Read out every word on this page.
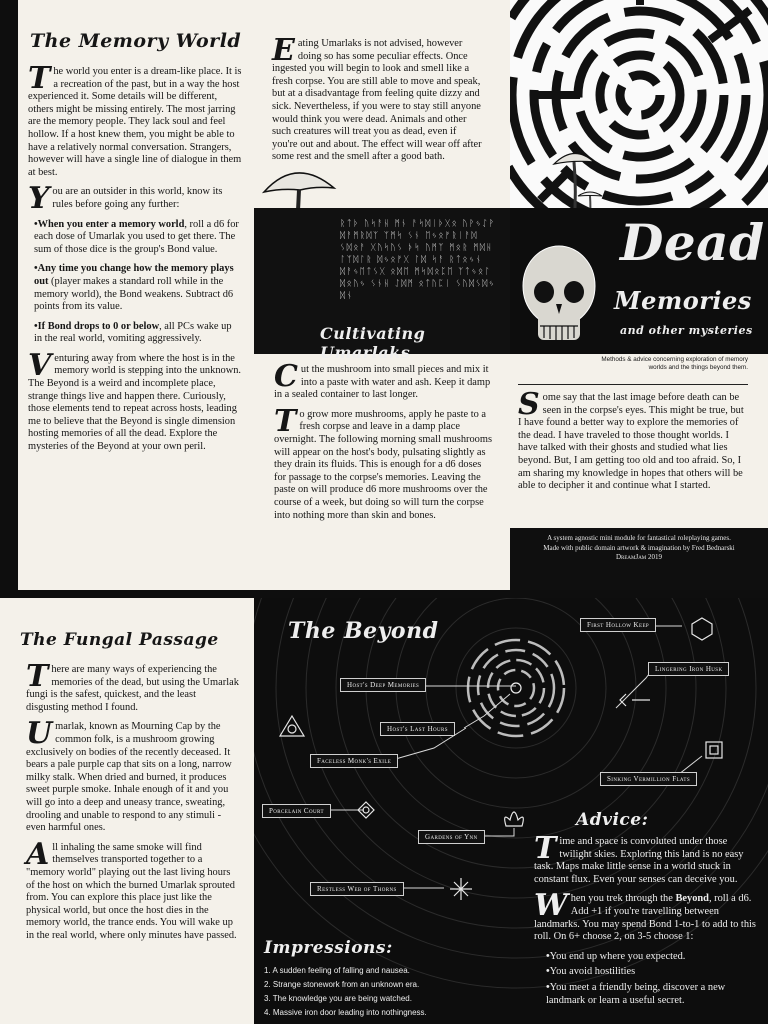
The Memory World

The world you enter is a dream-like place. It is a recreation of the past, but in a way the host experienced it. Some details will be different, others might be missing entirely. The most jarring are the memory people. They lack soul and feel hollow. If a host knew them, you might be able to have a relatively normal conversation. Strangers, however will have a single line of dialogue in them at best.

You are an outsider in this world, know its rules before going any further:

• When you enter a memory world, roll a d6 for each dose of Umarlak you used to get there. The sum of those dice is the group's Bond value.
• Any time you change how the memory plays out (player makes a standard roll while in the memory world), the Bond weakens. Subtract d6 points from its value.
• If Bond drops to 0 or below, all PCs wake up in the real world, vomiting aggressively.

Venturing away from where the host is in the memory world is stepping into the unknown. The Beyond is a weird and incomplete place, strange things live and happen there. Curiously, those elements tend to repeat across hosts, leading me to believe that the Beyond is single dimension hosting memories of all the dead. Explore the mysteries of the Beyond at your own peril.

Eating Umarlaks is not advised, however doing so has some peculiar effects. Once ingested you will begin to look and smell like a fresh corpse. You are still able to move and speak, but at a disadvantage from feeling quite dizzy and sick. Nevertheless, if you were to stay still anyone would think you were dead. Animals and other such creatures will treat you as dead, even if you're out and about. The effect will wear off after some rest and the smell after a good bath.

ᚱᛏᚦ ᚢᛋᚨᚺ ᛗᚾ ᚨᛋᛞᛁᚦᚷᛟ ᚢᚹᛃᛇᚹ ᛞᚨᛗᚱᛞᛉ ᛉᛗᛋ ᛊᚾ ᛖᛃᛟᚠᚱᛁᚨᛞ ᛊᛞᛟᚨ ᚷᚢᛋᚢᛊ ᚦᛋ ᚢᛗᛉ ᛗᛟᚱ ᛗᛞᚺ ᛚᛉᛞᛚᚱ ᛞᛃᛟᚠᚷ ᛚᛞ ᛋᚨ ᚱᛏᛟᛃᚾ ᛞᚨᛃᛖᛏᛊᚷ ᛟᛞᛖ ᛗᛋᛞᛟᛈᛖ ᛉᛏᛃᛟᛚ ᛞᛟᚢᛃ ᛊᚾᚺ ᛇᛞᛗ ᛟᛏᚢᛈᛁ ᛊᚢᛞᛊᛞᛃ ᛞᚾ
Cultivating Umarlaks

Cut the mushroom into small pieces and mix it into a paste with water and ash. Keep it damp in a sealed container to last longer.

To grow more mushrooms, apply he paste to a fresh corpse and leave in a damp place overnight. The following morning small mushrooms will appear on the host's body, pulsating slightly as they drain its fluids. This is enough for a d6 doses for passage to the corpse's memories. Leaving the paste on will produce d6 more mushrooms over the course of a week, but doing so will turn the corpse into nothing more than skin and bones.

Dead
Memories
and other mysteries
Methods & advice concerning exploration of memory worlds and the things beyond them.

Some say that the last image before death can be seen in the corpse's eyes. This might be true, but I have found a better way to explore the memories of the dead. I have traveled to those thought worlds. I have talked with their ghosts and studied what lies beyond. But, I am getting too old and too afraid. So, I am sharing my knowledge in hopes that others will be able to decipher it and continue what I started.

A system agnostic mini module for fantastical roleplaying games.
Made with public domain artwork & imagination by Fred Bednarski
DreamJam 2019
The Fungal Passage

There are many ways of experiencing the memories of the dead, but using the Umarlak fungi is the safest, quickest, and the least disgusting method I found.

Umarlak, known as Mourning Cap by the common folk, is a mushroom growing exclusively on bodies of the recently deceased. It bears a pale purple cap that sits on a long, narrow milky stalk. When dried and burned, it produces sweet purple smoke. Inhale enough of it and you will go into a deep and uneasy trance, sweating, drooling and unable to respond to any stimuli - even harmful ones.

All inhaling the same smoke will find themselves transported together to a "memory world" playing out the last living hours of the host on which the burned Umarlak sprouted from. You can explore this place just like the physical world, but once the host dies in the memory world, the trance ends. You will wake up in the real world, where only minutes have passed.

The Beyond	First Hollow Keep
Lingering Iron Husk
Host's Deep Memories
Host's Last Hours
Faceless Monk's Exile
Sinking Vermillion Flats
Porcelain Court
Gardens of Ynn
Restless Web of Thorns
Impressions:
1. A sudden feeling of falling and nausea.
2. Strange stonework from an unknown era.
3. The knowledge you are being watched.
4. Massive iron door leading into nothingness.
Advice:

Time and space is convoluted under those twilight skies. Exploring this land is no easy task. Maps make little sense in a world stuck in constant flux. Even your senses can deceive you.

When you trek through the Beyond, roll a d6. Add +1 if you're travelling between landmarks. You may spend Bond 1-to-1 to add to this roll. On 6+ choose 2, on 3-5 choose 1:

• You end up where you expected.
• You avoid hostilities
• You meet a friendly being, discover a new landmark or learn a useful secret.
